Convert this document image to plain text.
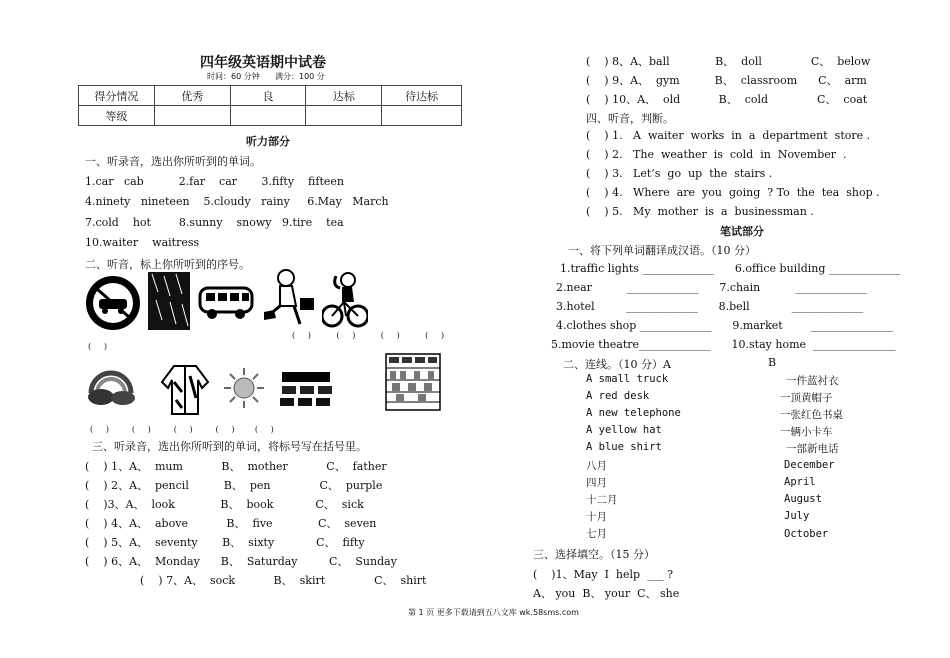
四年级英语期中试卷
时间：60 分钟      满分：100 分
得分情况	优秀	良	达标	待达标
等级				
听力部分
一、听录音，选出你所听到的单词。
1.car   cab          2.far    car       3.fifty    fifteen
4.ninety   nineteen    5.cloudy   rainy     6.May   March
7.cold    hot        8.sunny    snowy   9.tire    tea
10.waiter    waitress
二、听音，标上你所听到的序号。
(     )          (     )          (     )          (     )
(     )
(     )         (     )         (     )         (     )        (     )
三、听录音，选出你所听到的单词，将标号写在括号里。
(    ) 1、A、  mum           B、  mother           C、  father
(    ) 2、A、  pencil          B、  pen              C、  purple
(    )3、A、  look             B、  book            C、  sick
(    ) 4、A、  above           B、  five             C、  seven
(    ) 5、A、  seventy       B、  sixty            C、  fifty
(    ) 6、A、  Monday      B、  Saturday         C、  Sunday
(    ) 7、A、  sock           B、  skirt              C、  shirt
(    ) 8、A、ball             B、  doll              C、  below
(    ) 9、A、  gym          B、  classroom      C、  arm
(    ) 10、A、  old           B、  cold              C、  coat
四、听音，判断。
(    ) 1.   A  waiter  works  in  a  department  store .
(    ) 2.   The  weather  is  cold  in  November  .
(    ) 3.   Let’s  go  up  the  stairs .
(    ) 4.   Where  are  you  going  ? To  the  tea  shop .
(    ) 5.   My  mother  is  a  businessman .
笔试部分
一、将下列单词翻译成汉语。（10 分）
1.traffic lights _____________      6.office building _____________
2.near          _____________      7.chain          _____________
3.hotel         _____________      8.bell            _____________
4.clothes shop _____________      9.market        _______________
5.movie theatre_____________      10.stay home  _______________
二、连线。（10 分）A	B
A small truck
A red desk
A new telephone
A yellow hat
A blue shirt
八月
四月
十二月
十月
七月
一件蓝衬衣
一顶黄帽子
一张红色书桌
一辆小卡车
一部新电话
December
April
August
July
October
三、选择填空。（15 分）
(    )1、May  I  help  ___ ?
A、 you  B、 your  C、 she
第 1 页 更多下载请到五八文库 wk.58sms.com
